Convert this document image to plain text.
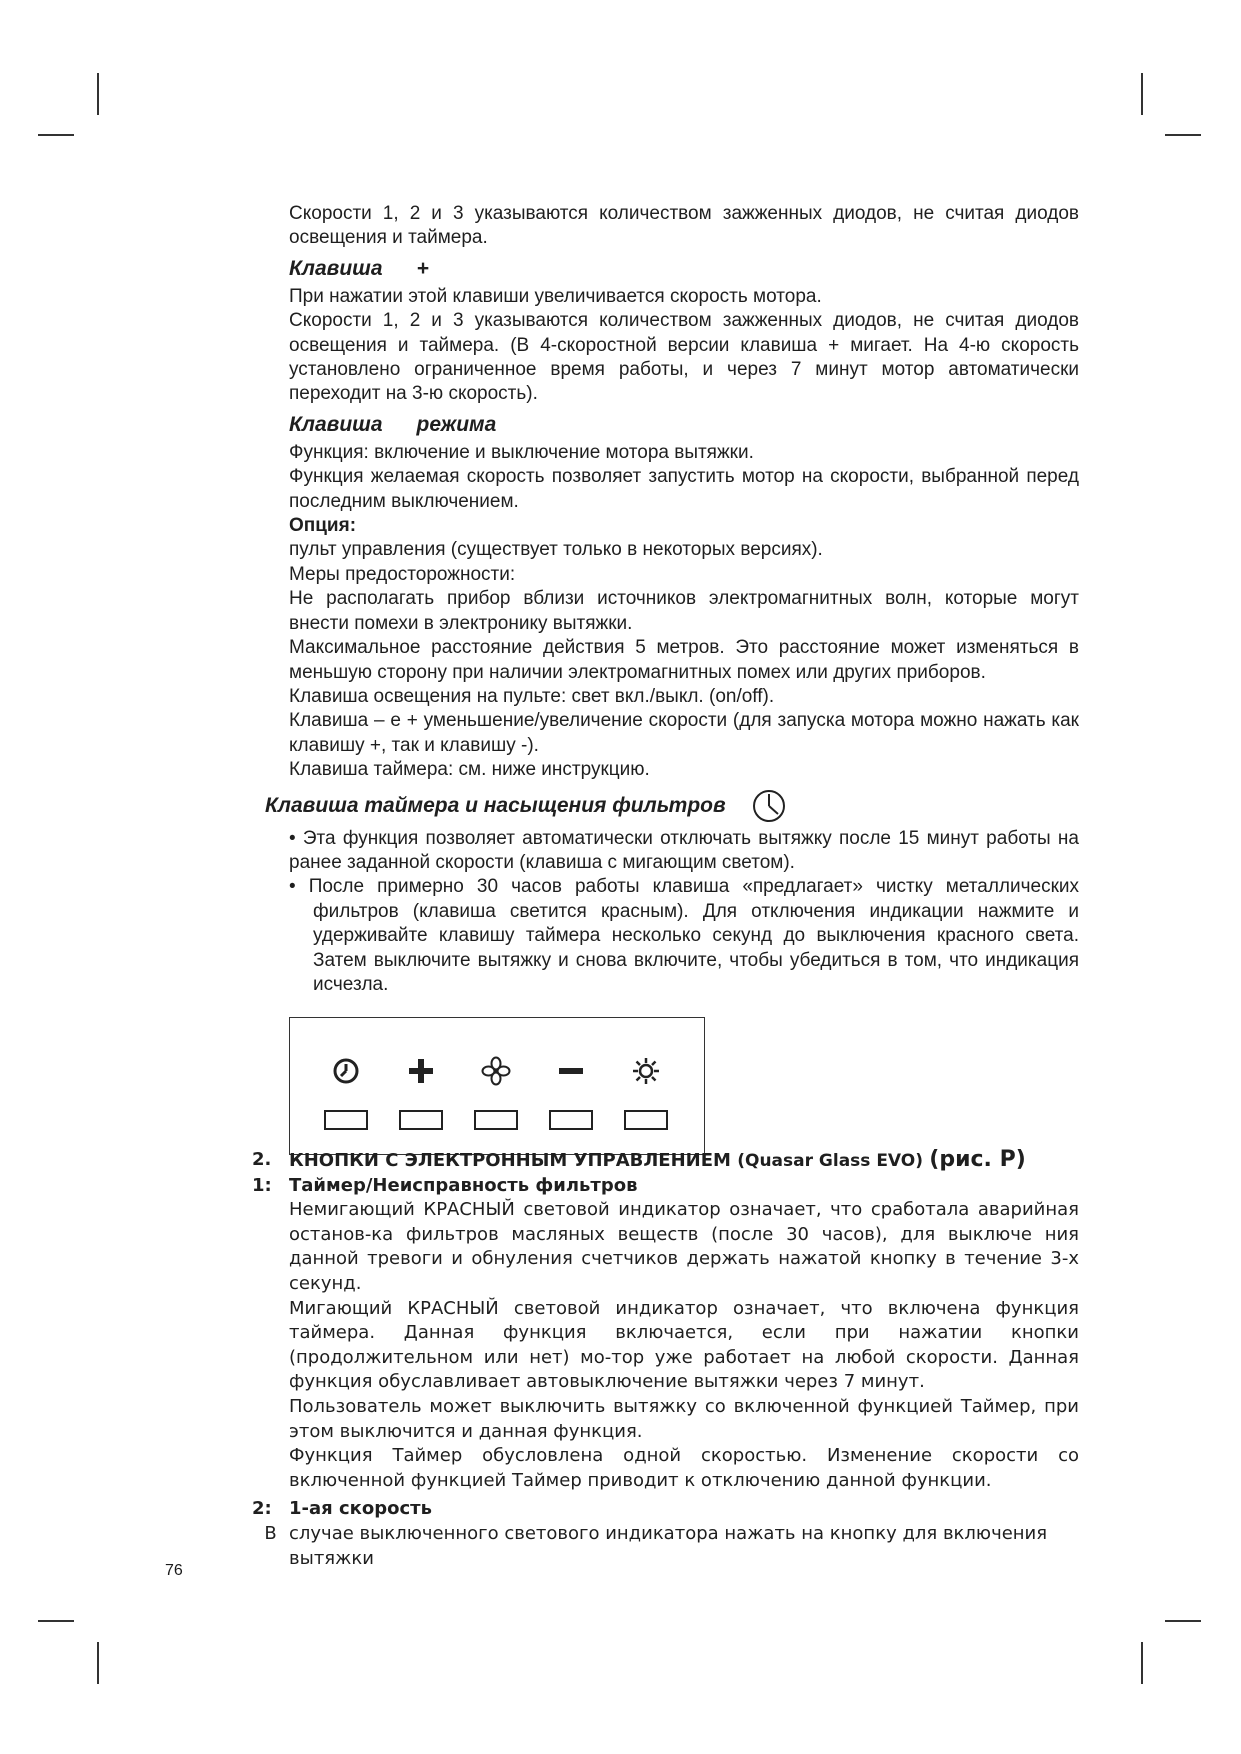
Скорости 1, 2 и 3 указываются количеством зажженных диодов, не считая диодов освещения и таймера.

Клавиша +

При нажатии этой клавиши увеличивается скорость мотора.

Скорости 1, 2 и 3 указываются количеством зажженных диодов, не считая диодов освещения и таймера. (В 4-скоростной версии клавиша + мигает. На 4-ю скорость установлено ограниченное время работы, и через 7 минут мотор автоматически переходит на 3-ю скорость).

Клавиша режима

Функция: включение и выключение мотора вытяжки.

Функция желаемая скорость позволяет запустить мотор на скорости, выбранной перед последним выключением.

Опция:

пульт управления (существует только в некоторых версиях).

Меры предосторожности:

Не располагать прибор вблизи источников электромагнитных волн, которые могут внести помехи в электронику вытяжки.

Максимальное расстояние действия 5 метров. Это расстояние может изменяться в меньшую сторону при наличии электромагнитных помех или других приборов.

Клавиша освещения на пульте: свет вкл./выкл. (on/off).

Клавиша – е + уменьшение/увеличение скорости (для запуска мотора можно нажать как клавишу +, так и клавишу -).

Клавиша таймера: см. ниже инструкцию.

Клавиша таймера и насыщения фильтров

• Эта функция позволяет автоматически отключать вытяжку после 15 минут работы на ранее заданной скорости (клавиша с мигающим светом).

• После примерно 30 часов работы клавиша «предлагает» чистку металлических фильтров (клавиша светится красным). Для отключения индикации нажмите и удерживайте клавишу таймера несколько секунд до выключения красного света. Затем выключите вытяжку и снова включите, чтобы убедиться в том, что индикация исчезла.

2. КНОПКИ С ЭЛЕКТРОННЫМ УПРАВЛЕНИЕМ (Quasar Glass EVO) (рис. P)
1: Таймер/Неисправность фильтров

Немигающий КРАСНЫЙ световой индикатор означает, что сработала аварийная останов-ка фильтров масляных веществ (после 30 часов), для выключе ния данной тревоги и обнуления счетчиков держать нажатой кнопку в течение 3-х секунд.

Мигающий КРАСНЫЙ световой индикатор означает, что включена функция таймера. Данная функция включается, если при нажатии кнопки (продолжительном или нет) мо-тор уже работает на любой скорости. Данная функция обуславливает автовыключение вытяжки через 7 минут.

Пользователь может выключить вытяжку со включенной функцией Таймер, при этом выключится и данная функция.

Функция Таймер обусловлена одной скоростью. Изменение скорости со включенной функцией Таймер приводит к отключению данной функции.

2: 1-ая скорость
В случае выключенного светового индикатора нажать на кнопку для включения вытяжки
76
